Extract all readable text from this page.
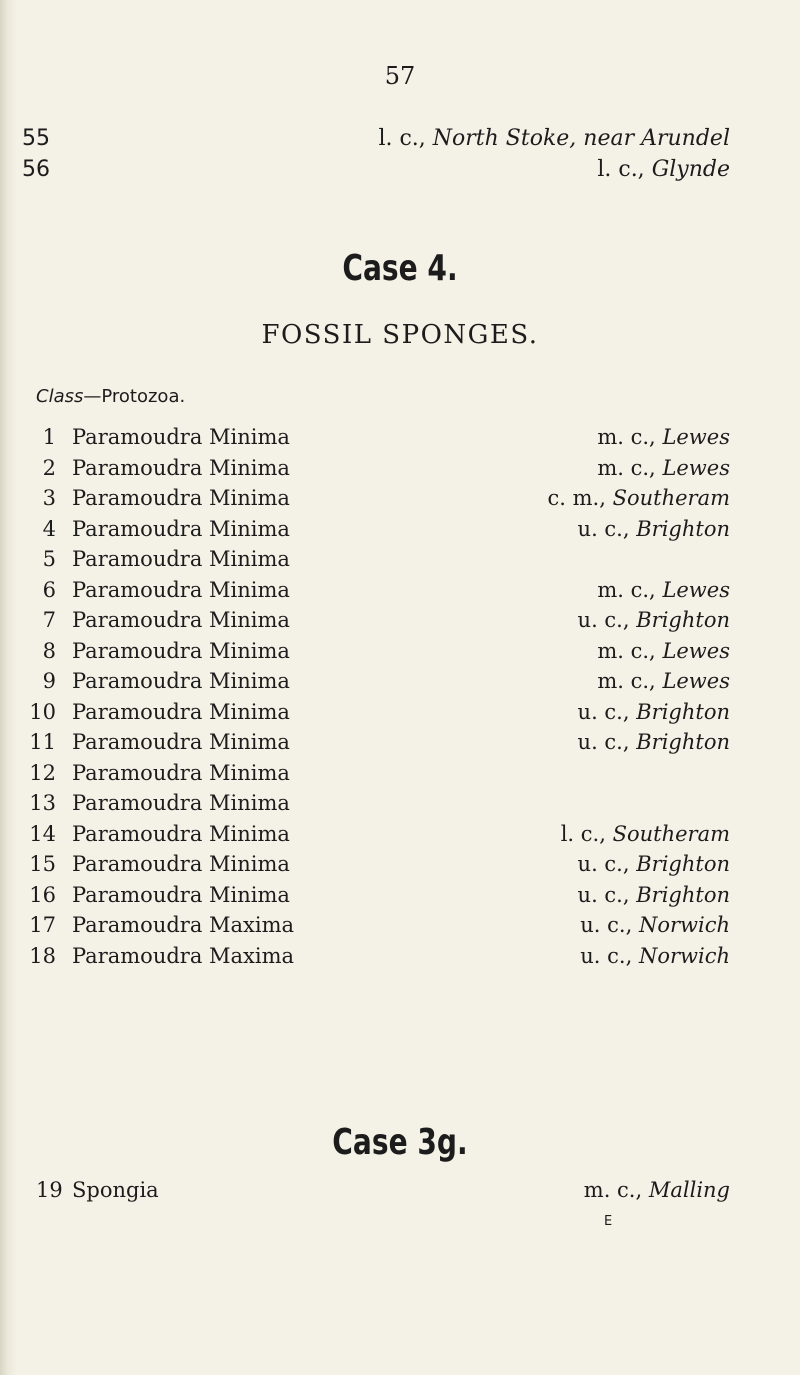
57
55	l. c., North Stoke, near Arundel
56	l. c., Glynde
Case 4.
FOSSIL SPONGES.
Class—Protozoa.
1 Paramoudra Minima	m. c., Lewes
2 Paramoudra Minima	m. c., Lewes
3 Paramoudra Minima	c. m., Southeram
4 Paramoudra Minima	u. c., Brighton
5 Paramoudra Minima
6 Paramoudra Minima	m. c., Lewes
7 Paramoudra Minima	u. c., Brighton
8 Paramoudra Minima	m. c., Lewes
9 Paramoudra Minima	m. c., Lewes
10 Paramoudra Minima	u. c., Brighton
11 Paramoudra Minima	u. c., Brighton
12 Paramoudra Minima
13 Paramoudra Minima
14 Paramoudra Minima	l. c., Southeram
15 Paramoudra Minima	u. c., Brighton
16 Paramoudra Minima	u. c., Brighton
17 Paramoudra Maxima	u. c., Norwich
18 Paramoudra Maxima	u. c., Norwich
Case 3g.
19 Spongia	m. c., Malling
E
